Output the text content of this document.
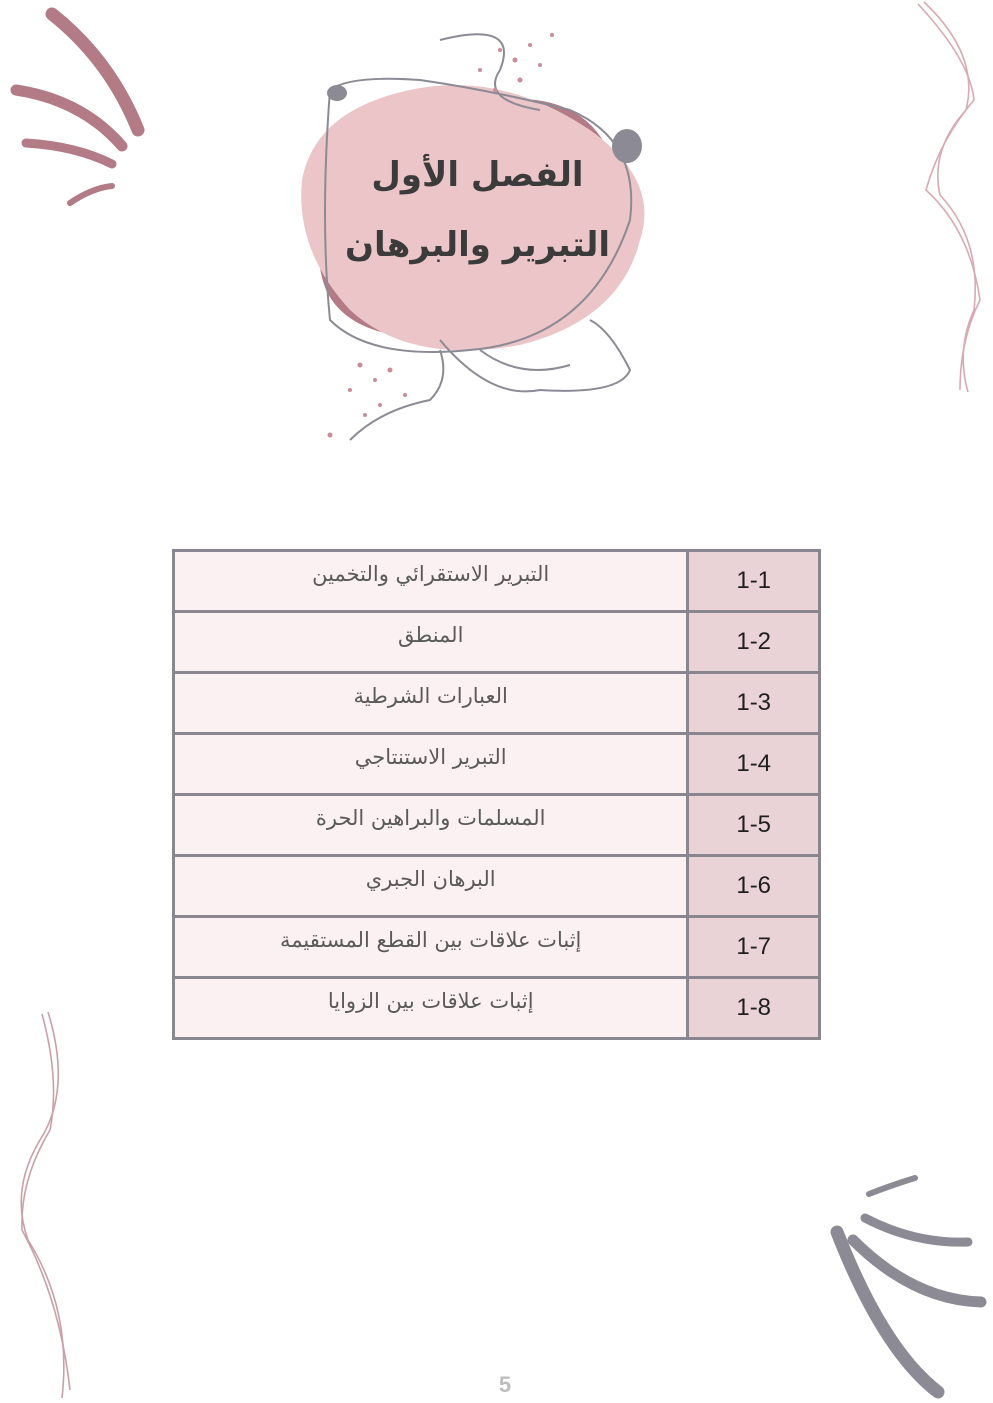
الفصل الأول
التبرير والبرهان
التبرير الاستقرائي والتخمين	1-1
المنطق	1-2
العبارات الشرطية	1-3
التبرير الاستنتاجي	1-4
المسلمات والبراهين الحرة	1-5
البرهان الجبري	1-6
إثبات علاقات بين القطع المستقيمة	1-7
إثبات علاقات بين الزوايا	1-8
5
